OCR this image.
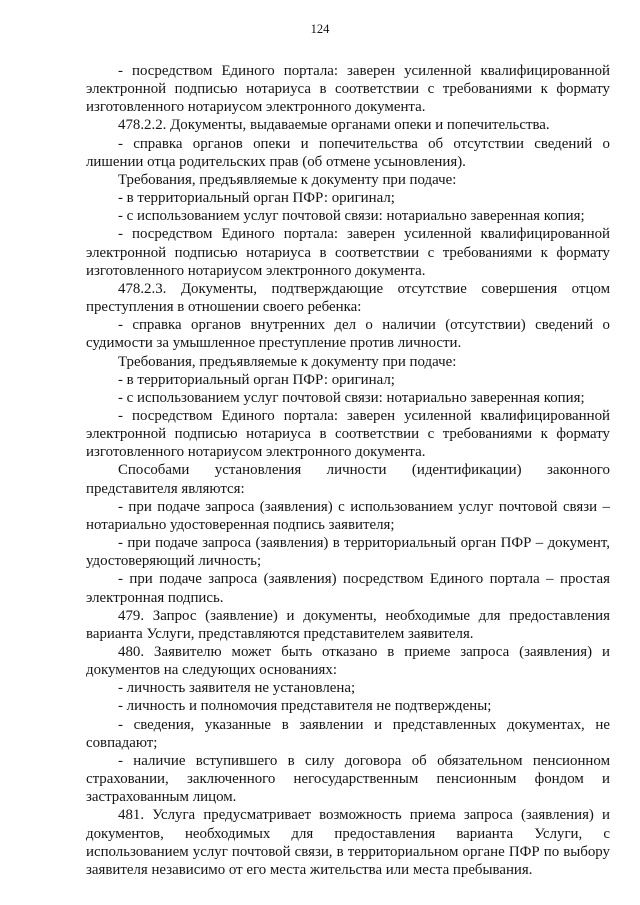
124

- посредством Единого портала: заверен усиленной квалифицированной электронной подписью нотариуса в соответствии с требованиями к формату изготовленного нотариусом электронного документа.

478.2.2. Документы, выдаваемые органами опеки и попечительства.

- справка органов опеки и попечительства об отсутствии сведений о лишении отца родительских прав (об отмене усыновления).

Требования, предъявляемые к документу при подаче:

- в территориальный орган ПФР: оригинал;

- с использованием услуг почтовой связи: нотариально заверенная копия;

- посредством Единого портала: заверен усиленной квалифицированной электронной подписью нотариуса в соответствии с требованиями к формату изготовленного нотариусом электронного документа.

478.2.3. Документы, подтверждающие отсутствие совершения отцом преступления в отношении своего ребенка:

- справка органов внутренних дел о наличии (отсутствии) сведений о судимости за умышленное преступление против личности.

Требования, предъявляемые к документу при подаче:

- в территориальный орган ПФР: оригинал;

- с использованием услуг почтовой связи: нотариально заверенная копия;

- посредством Единого портала: заверен усиленной квалифицированной электронной подписью нотариуса в соответствии с требованиями к формату изготовленного нотариусом электронного документа.

Способами установления личности (идентификации) законного представителя являются:

- при подаче запроса (заявления) с использованием услуг почтовой связи – нотариально удостоверенная подпись заявителя;

- при подаче запроса (заявления) в территориальный орган ПФР – документ, удостоверяющий личность;

- при подаче запроса (заявления) посредством Единого портала – простая электронная подпись.

479. Запрос (заявление) и документы, необходимые для предоставления варианта Услуги, представляются представителем заявителя.

480. Заявителю может быть отказано в приеме запроса (заявления) и документов на следующих основаниях:

- личность заявителя не установлена;

- личность и полномочия представителя не подтверждены;

- сведения, указанные в заявлении и представленных документах, не совпадают;

- наличие вступившего в силу договора об обязательном пенсионном страховании, заключенного негосударственным пенсионным фондом и застрахованным лицом.

481. Услуга предусматривает возможность приема запроса (заявления) и документов, необходимых для предоставления варианта Услуги, с использованием услуг почтовой связи, в территориальном органе ПФР по выбору заявителя независимо от его места жительства или места пребывания.
